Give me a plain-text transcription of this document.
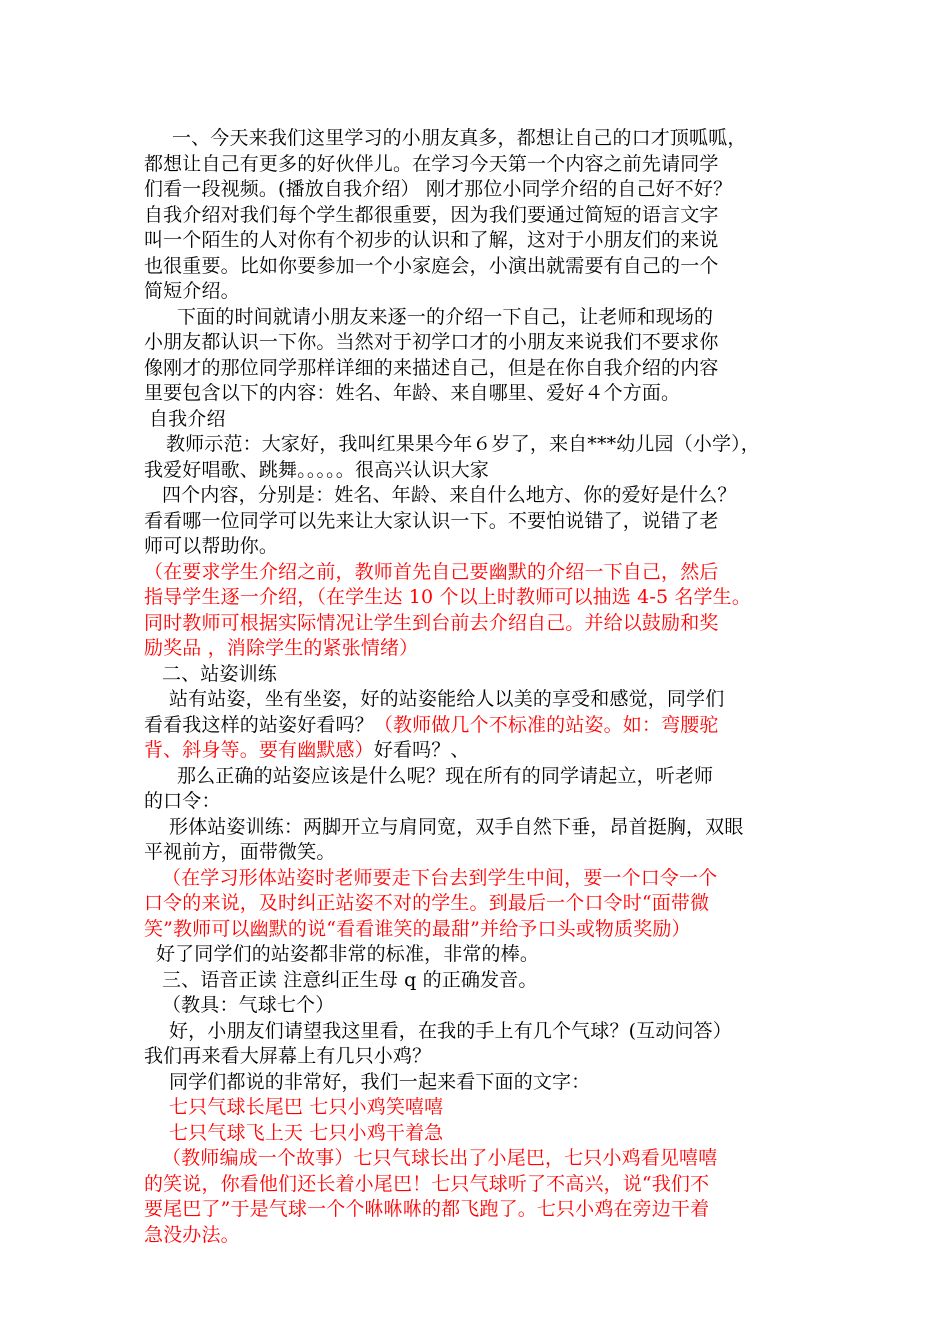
一、今天来我们这里学习的小朋友真多，都想让自己的口才顶呱呱，
都想让自己有更多的好伙伴儿。在学习今天第一个内容之前先请同学
们看一段视频。(播放自我介绍） 刚才那位小同学介绍的自己好不好？
自我介绍对我们每个学生都很重要，因为我们要通过简短的语言文字
叫一个陌生的人对你有个初步的认识和了解，这对于小朋友们的来说
也很重要。比如你要参加一个小家庭会，小演出就需要有自己的一个
简短介绍。
下面的时间就请小朋友来逐一的介绍一下自己，让老师和现场的
小朋友都认识一下你。当然对于初学口才的小朋友来说我们不要求你
像刚才的那位同学那样详细的来描述自己，但是在你自我介绍的内容
里要包含以下的内容：姓名、年龄、来自哪里、爱好４个方面。
自我介绍
教师示范：大家好，我叫红果果今年６岁了，来自***幼儿园（小学），
我爱好唱歌、跳舞。。。。。很高兴认识大家
四个内容，分别是：姓名、年龄、来自什么地方、你的爱好是什么？
看看哪一位同学可以先来让大家认识一下。不要怕说错了，说错了老
师可以帮助你。
（在要求学生介绍之前，教师首先自己要幽默的介绍一下自己，然后
指导学生逐一介绍，（在学生达 10 个以上时教师可以抽选 4-5 名学生。
同时教师可根据实际情况让学生到台前去介绍自己。并给以鼓励和奖
励奖品 ，消除学生的紧张情绪）
二、站姿训练
站有站姿，坐有坐姿，好的站姿能给人以美的享受和感觉，同学们
看看我这样的站姿好看吗？（教师做几个不标准的站姿。如：弯腰驼
背、斜身等。要有幽默感）好看吗？、
那么正确的站姿应该是什么呢？现在所有的同学请起立，听老师
的口令：
形体站姿训练：两脚开立与肩同宽，双手自然下垂，昂首挺胸，双眼
平视前方，面带微笑。
（在学习形体站姿时老师要走下台去到学生中间，要一个口令一个
口令的来说，及时纠正站姿不对的学生。到最后一个口令时“面带微
笑”教师可以幽默的说“看看谁笑的最甜”并给予口头或物质奖励）
好了同学们的站姿都非常的标准，非常的棒。
三、语音正读 注意纠正生母 q 的正确发音。
（教具：气球七个）
好，小朋友们请望我这里看，在我的手上有几个气球？(互动问答）
我们再来看大屏幕上有几只小鸡？
同学们都说的非常好，我们一起来看下面的文字：
七只气球长尾巴 七只小鸡笑嘻嘻
七只气球飞上天 七只小鸡干着急
（教师编成一个故事）七只气球长出了小尾巴，七只小鸡看见嘻嘻
的笑说，你看他们还长着小尾巴！七只气球听了不高兴，说“我们不
要尾巴了”于是气球一个个咻咻咻的都飞跑了。七只小鸡在旁边干着
急没办法。
